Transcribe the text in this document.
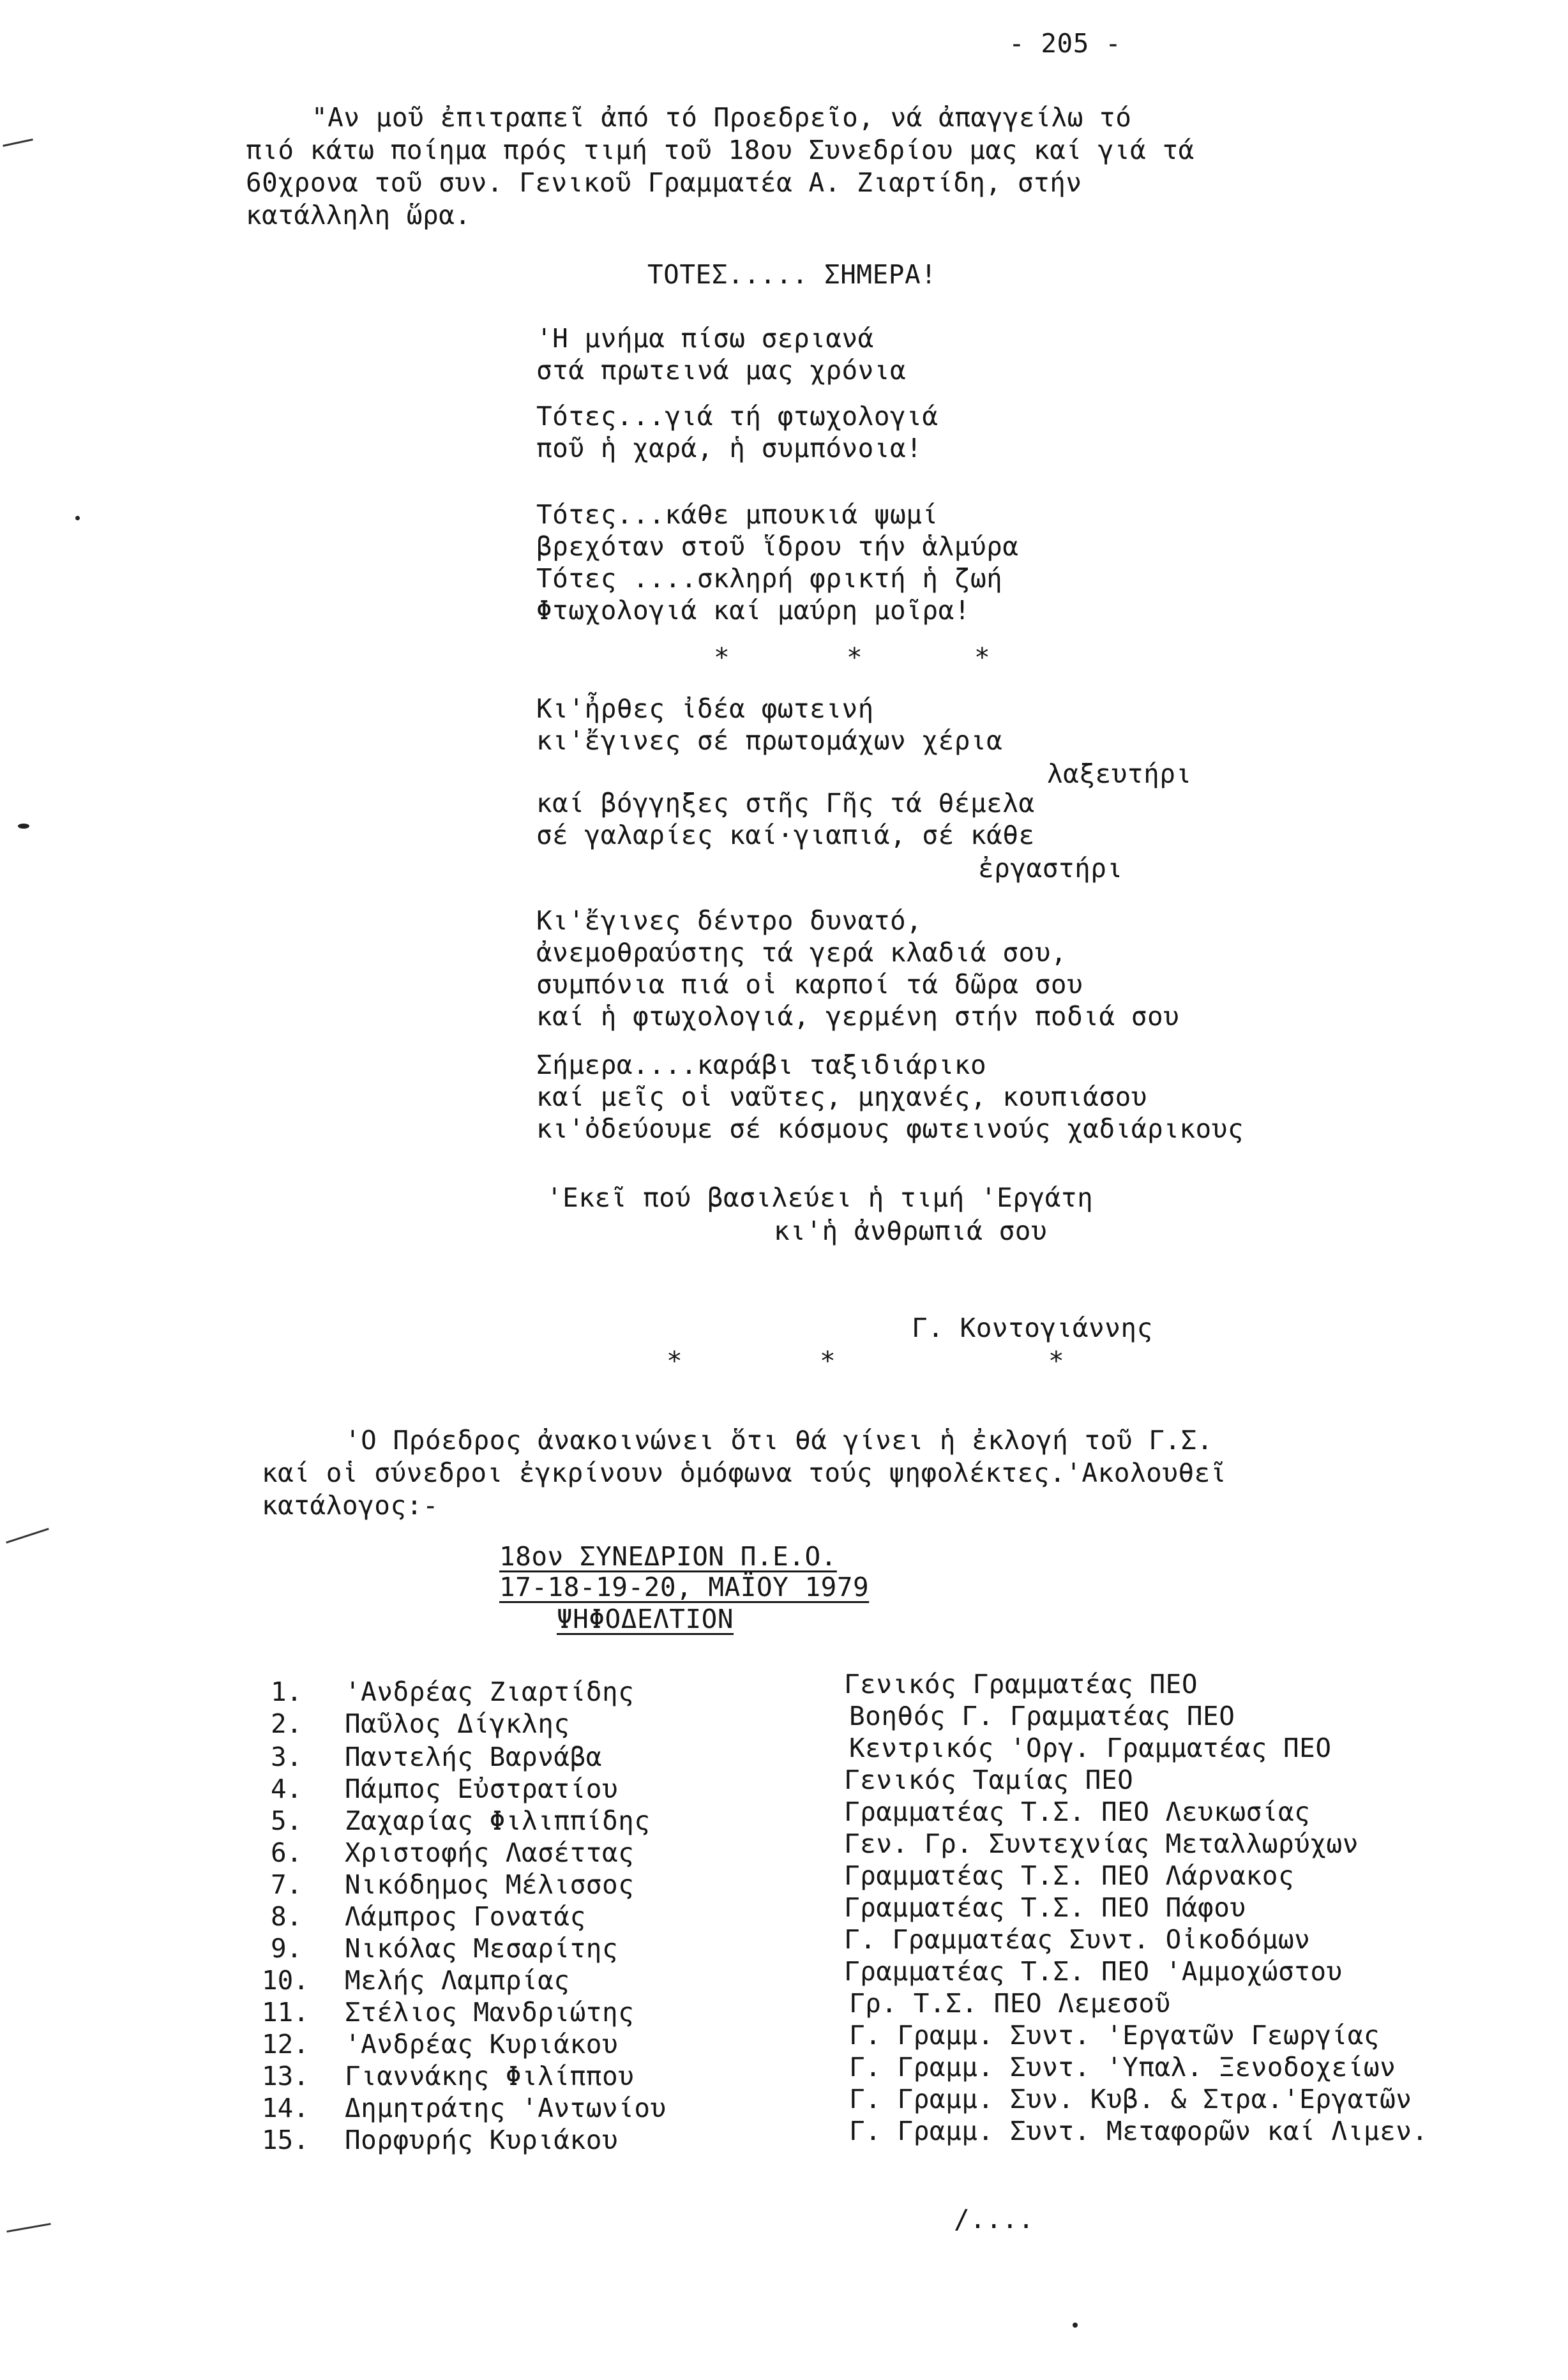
- 205 -
"Αν μοῦ ἐπιτραπεῖ ἀπό τό Προεδρεῖο, νά ἀπαγγείλω τό
πιό κάτω ποίημα πρός τιμή τοῦ 18ου Συνεδρίου μας καί γιά τά
60χρονα τοῦ συν. Γενικοῦ Γραμματέα Α. Ζιαρτίδη, στήν
κατάλληλη ὥρα.
ΤΟΤΕΣ..... ΣΗΜΕΡΑ!
'Η μνήμα πίσω σεριανά
στά πρωτεινά μας χρόνια
Τότες...γιά τή φτωχολογιά
ποῦ ἡ χαρά, ἡ συμπόνοια!
Τότες...κάθε μπουκιά ψωμί
βρεχόταν στοῦ ἵδρου τήν ἁλμύρα
Τότες ....σκληρή φρικτή ἡ ζωή
Φτωχολογιά καί μαύρη μοῖρα!
*	*	*
Κι'ἦρθες ἰδέα φωτεινή
κι'ἔγινες σέ πρωτομάχων χέρια
λαξευτήρι
καί βόγγηξες στῆς Γῆς τά θέμελα
σέ γαλαρίες καί·γιαπιά, σέ κάθε
ἐργαστήρι
Κι'ἔγινες δέντρο δυνατό,
ἀνεμοθραύστης τά γερά κλαδιά σου,
συμπόνια πιά οἱ καρποί τά δῶρα σου
καί ἡ φτωχολογιά, γερμένη στήν ποδιά σου
Σήμερα....καράβι ταξιδιάρικο
καί μεῖς οἱ ναῦτες, μηχανές, κουπιάσου
κι'ὀδεύουμε σέ κόσμους φωτεινούς χαδιάρικους
'Εκεῖ πού βασιλεύει ἡ τιμή 'Εργάτη
κι'ἡ ἀνθρωπιά σου
Γ. Κοντογιάννης
*	*	*
'Ο Πρόεδρος ἀνακοινώνει ὅτι θά γίνει ἡ ἐκλογή τοῦ Γ.Σ.
καί οἱ σύνεδροι ἐγκρίνουν ὁμόφωνα τούς ψηφολέκτες.'Ακολουθεῖ
κατάλογος:-
18ον ΣΥΝΕΔΡΙΟΝ Π.Ε.Ο.
17-18-19-20, ΜΑΪΟΥ 1979
ΨΗΦΟΔΕΛΤΙΟΝ
1. 'Ανδρέας Ζιαρτίδης	Γενικός Γραμματέας ΠΕΟ
2. Παῦλος Δίγκλης	Βοηθός Γ. Γραμματέας ΠΕΟ
3. Παντελής Βαρνάβα	Κεντρικός 'Οργ. Γραμματέας ΠΕΟ
4. Πάμπος Εὐστρατίου	Γενικός Ταμίας ΠΕΟ
5. Ζαχαρίας Φιλιππίδης	Γραμματέας Τ.Σ. ΠΕΟ Λευκωσίας
6. Χριστοφής Λασέττας	Γεν. Γρ. Συντεχνίας Μεταλλωρύχων
7. Νικόδημος Μέλισσος	Γραμματέας Τ.Σ. ΠΕΟ Λάρνακος
8. Λάμπρος Γονατάς	Γραμματέας Τ.Σ. ΠΕΟ Πάφου
9. Νικόλας Μεσαρίτης	Γ. Γραμματέας Συντ. Οἰκοδόμων
10. Μελής Λαμπρίας	Γραμματέας Τ.Σ. ΠΕΟ 'Αμμοχώστου
11. Στέλιος Μανδριώτης	Γρ. Τ.Σ. ΠΕΟ Λεμεσοῦ
12. 'Ανδρέας Κυριάκου	Γ. Γραμμ. Συντ. 'Εργατῶν Γεωργίας
13. Γιαννάκης Φιλίππου	Γ. Γραμμ. Συντ. 'Υπαλ. Ξενοδοχείων
14. Δημητράτης 'Αντωνίου	Γ. Γραμμ. Συν. Κυβ. & Στρα.'Εργατῶν
15. Πορφυρής Κυριάκου	Γ. Γραμμ. Συντ. Μεταφορῶν καί Λιμεν.
/....
